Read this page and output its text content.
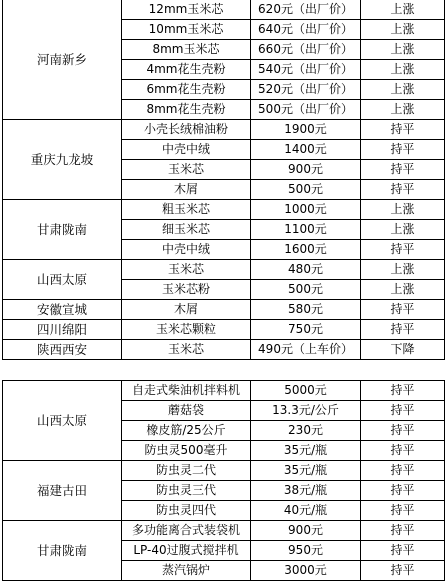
河南新乡	12mm玉米芯	620元（出厂价）	上涨
	10mm玉米芯	640元（出厂价）	上涨
	8mm玉米芯	660元（出厂价）	上涨
	4mm花生壳粉	540元（出厂价）	上涨
	6mm花生壳粉	520元（出厂价）	上涨
	8mm花生壳粉	500元（出厂价）	上涨
重庆九龙坡	小壳长绒棉油粉	1900元	持平
	中壳中绒	1400元	持平
	玉米芯	900元	持平
	木屑	500元	持平
甘肃陇南	粗玉米芯	1000元	上涨
	细玉米芯	1100元	上涨
	中壳中绒	1600元	持平
山西太原	玉米芯	480元	上涨
	玉米芯粉	500元	上涨
安徽宣城	木屑	580元	持平
四川绵阳	玉米芯颗粒	750元	持平
陕西西安	玉米芯	490元（上车价）	下降
山西太原	自走式柴油机拌料机	5000元	持平
	蘑菇袋	13.3元/公斤	持平
	橡皮筋/25公斤	230元	持平
	防虫灵500毫升	35元/瓶	持平
福建古田	防虫灵二代	35元/瓶	持平
	防虫灵三代	38元/瓶	持平
	防虫灵四代	40元/瓶	持平
甘肃陇南	多功能离合式装袋机	900元	持平
	LP-40过腹式搅拌机	950元	持平
	蒸汽锅炉	3000元	持平
